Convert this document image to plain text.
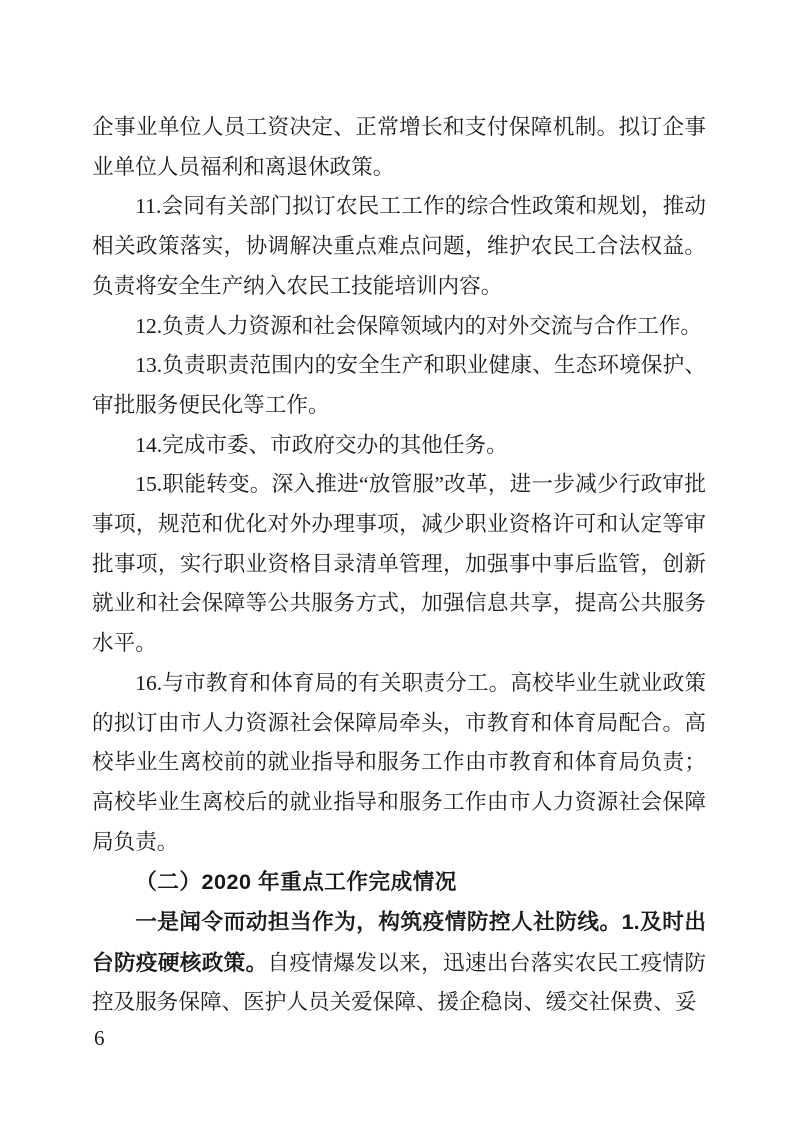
企事业单位人员工资决定、正常增长和支付保障机制。拟订企事业单位人员福利和离退休政策。

11.会同有关部门拟订农民工工作的综合性政策和规划，推动相关政策落实，协调解决重点难点问题，维护农民工合法权益。负责将安全生产纳入农民工技能培训内容。

12.负责人力资源和社会保障领域内的对外交流与合作工作。

13.负责职责范围内的安全生产和职业健康、生态环境保护、审批服务便民化等工作。

14.完成市委、市政府交办的其他任务。

15.职能转变。深入推进“放管服”改革，进一步减少行政审批事项，规范和优化对外办理事项，减少职业资格许可和认定等审批事项，实行职业资格目录清单管理，加强事中事后监管，创新就业和社会保障等公共服务方式，加强信息共享，提高公共服务水平。

16.与市教育和体育局的有关职责分工。高校毕业生就业政策的拟订由市人力资源社会保障局牵头，市教育和体育局配合。高校毕业生离校前的就业指导和服务工作由市教育和体育局负责；高校毕业生离校后的就业指导和服务工作由市人力资源社会保障局负责。

（二）2020 年重点工作完成情况

一是闻令而动担当作为，构筑疫情防控人社防线。1.及时出台防疫硬核政策。自疫情爆发以来，迅速出台落实农民工疫情防控及服务保障、医护人员关爱保障、援企稳岗、缓交社保费、妥

6
